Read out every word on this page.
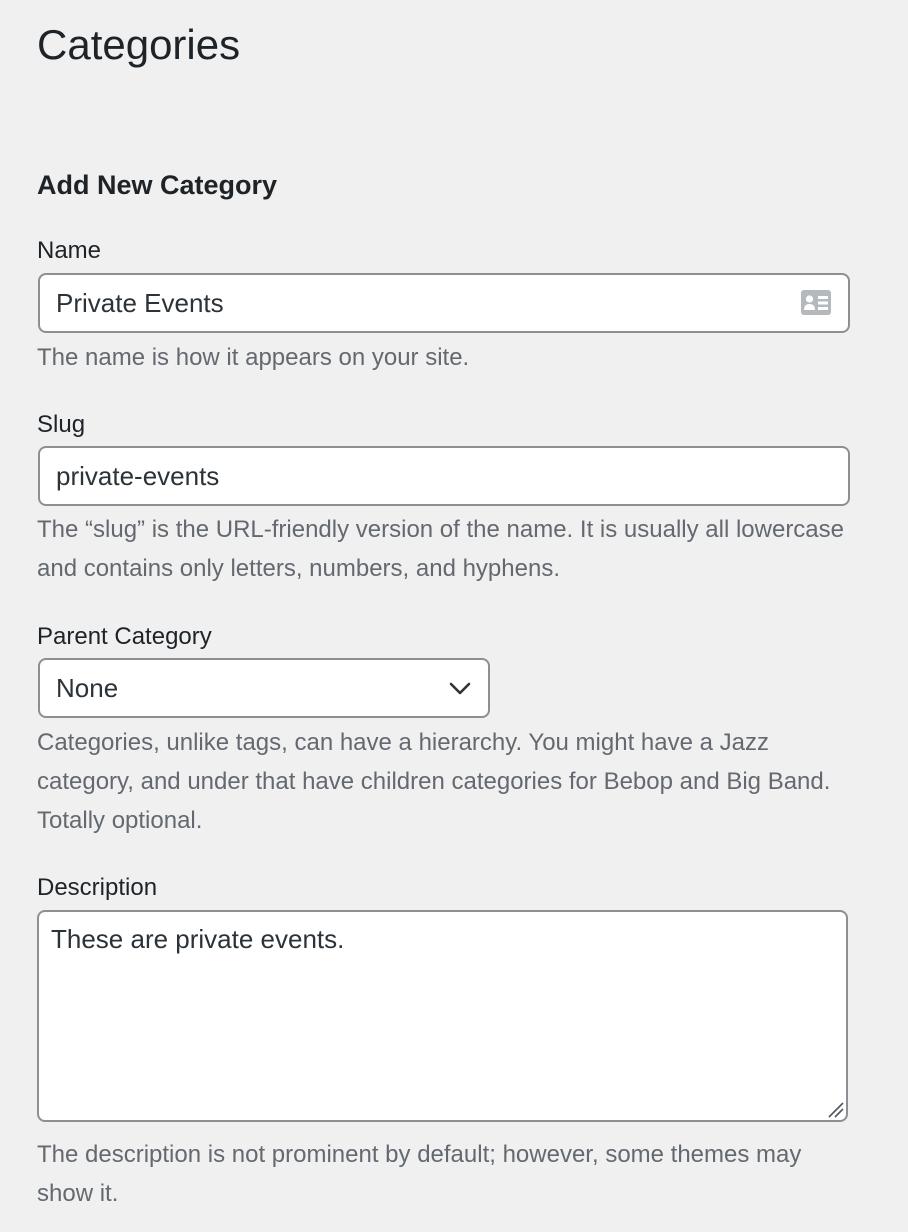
Categories
Add New Category
Name
Private Events

The name is how it appears on your site.

Slug
private-events

The “slug” is the URL-friendly version of the name. It is usually all lowercase and contains only letters, numbers, and hyphens.

Parent Category
None

Categories, unlike tags, can have a hierarchy. You might have a Jazz category, and under that have children categories for Bebop and Big Band. Totally optional.

Description
These are private events.

The description is not prominent by default; however, some themes may show it.
